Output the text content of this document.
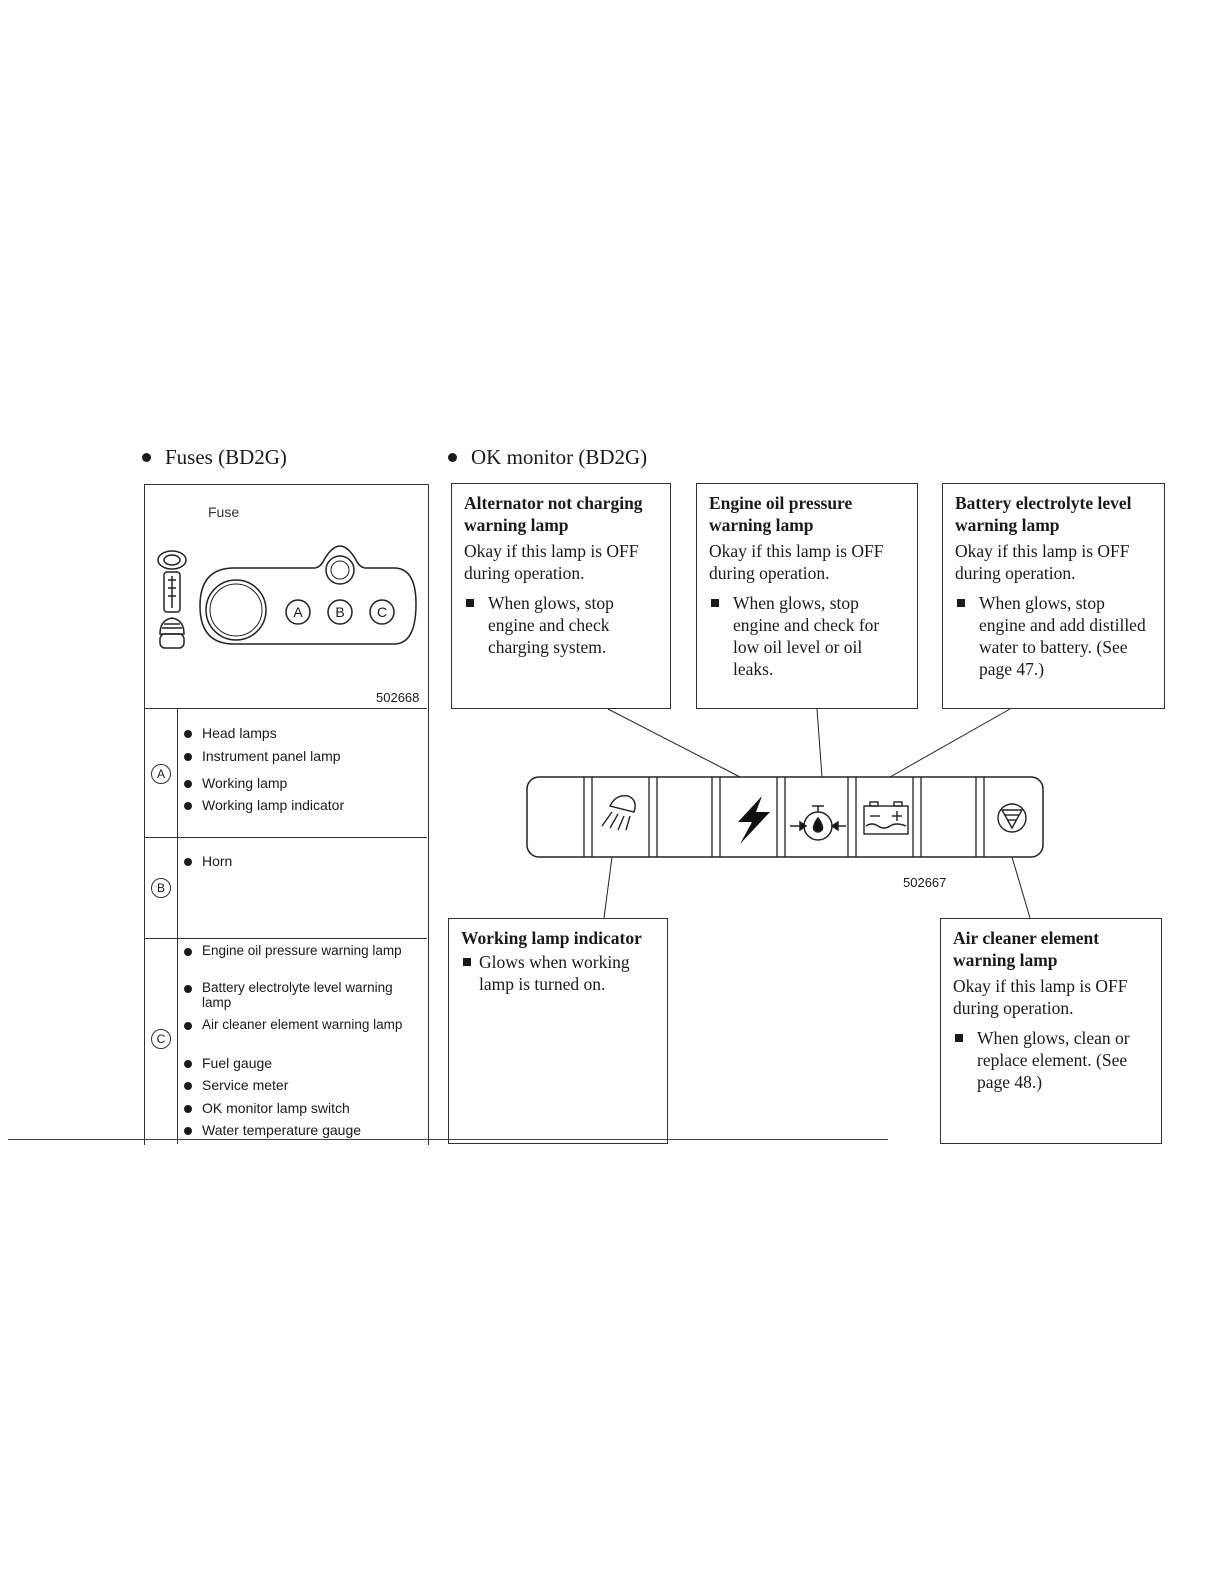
Fuses (BD2G)	OK monitor (BD2G)
Fuse
A B C
502668
A
Head lamps
Instrument panel lamp
Working lamp
Working lamp indicator
B
Horn
C
Engine oil pressure warning lamp
Battery electrolyte level warning lamp
Air cleaner element warning lamp
Fuel gauge
Service meter
OK monitor lamp switch
Water temperature gauge
Alternator not charging warning lamp
Okay if this lamp is OFF during operation.
When glows, stop engine and check charging system.
Engine oil pressure warning lamp
Okay if this lamp is OFF during operation.
When glows, stop engine and check for low oil level or oil leaks.
Battery electrolyte level warning lamp
Okay if this lamp is OFF during operation.
When glows, stop engine and add distilled water to battery. (See page 47.)
Working lamp indicator
Glows when working lamp is turned on.
Air cleaner element warning lamp
Okay if this lamp is OFF during operation.
When glows, clean or replace element. (See page 48.)
502667
